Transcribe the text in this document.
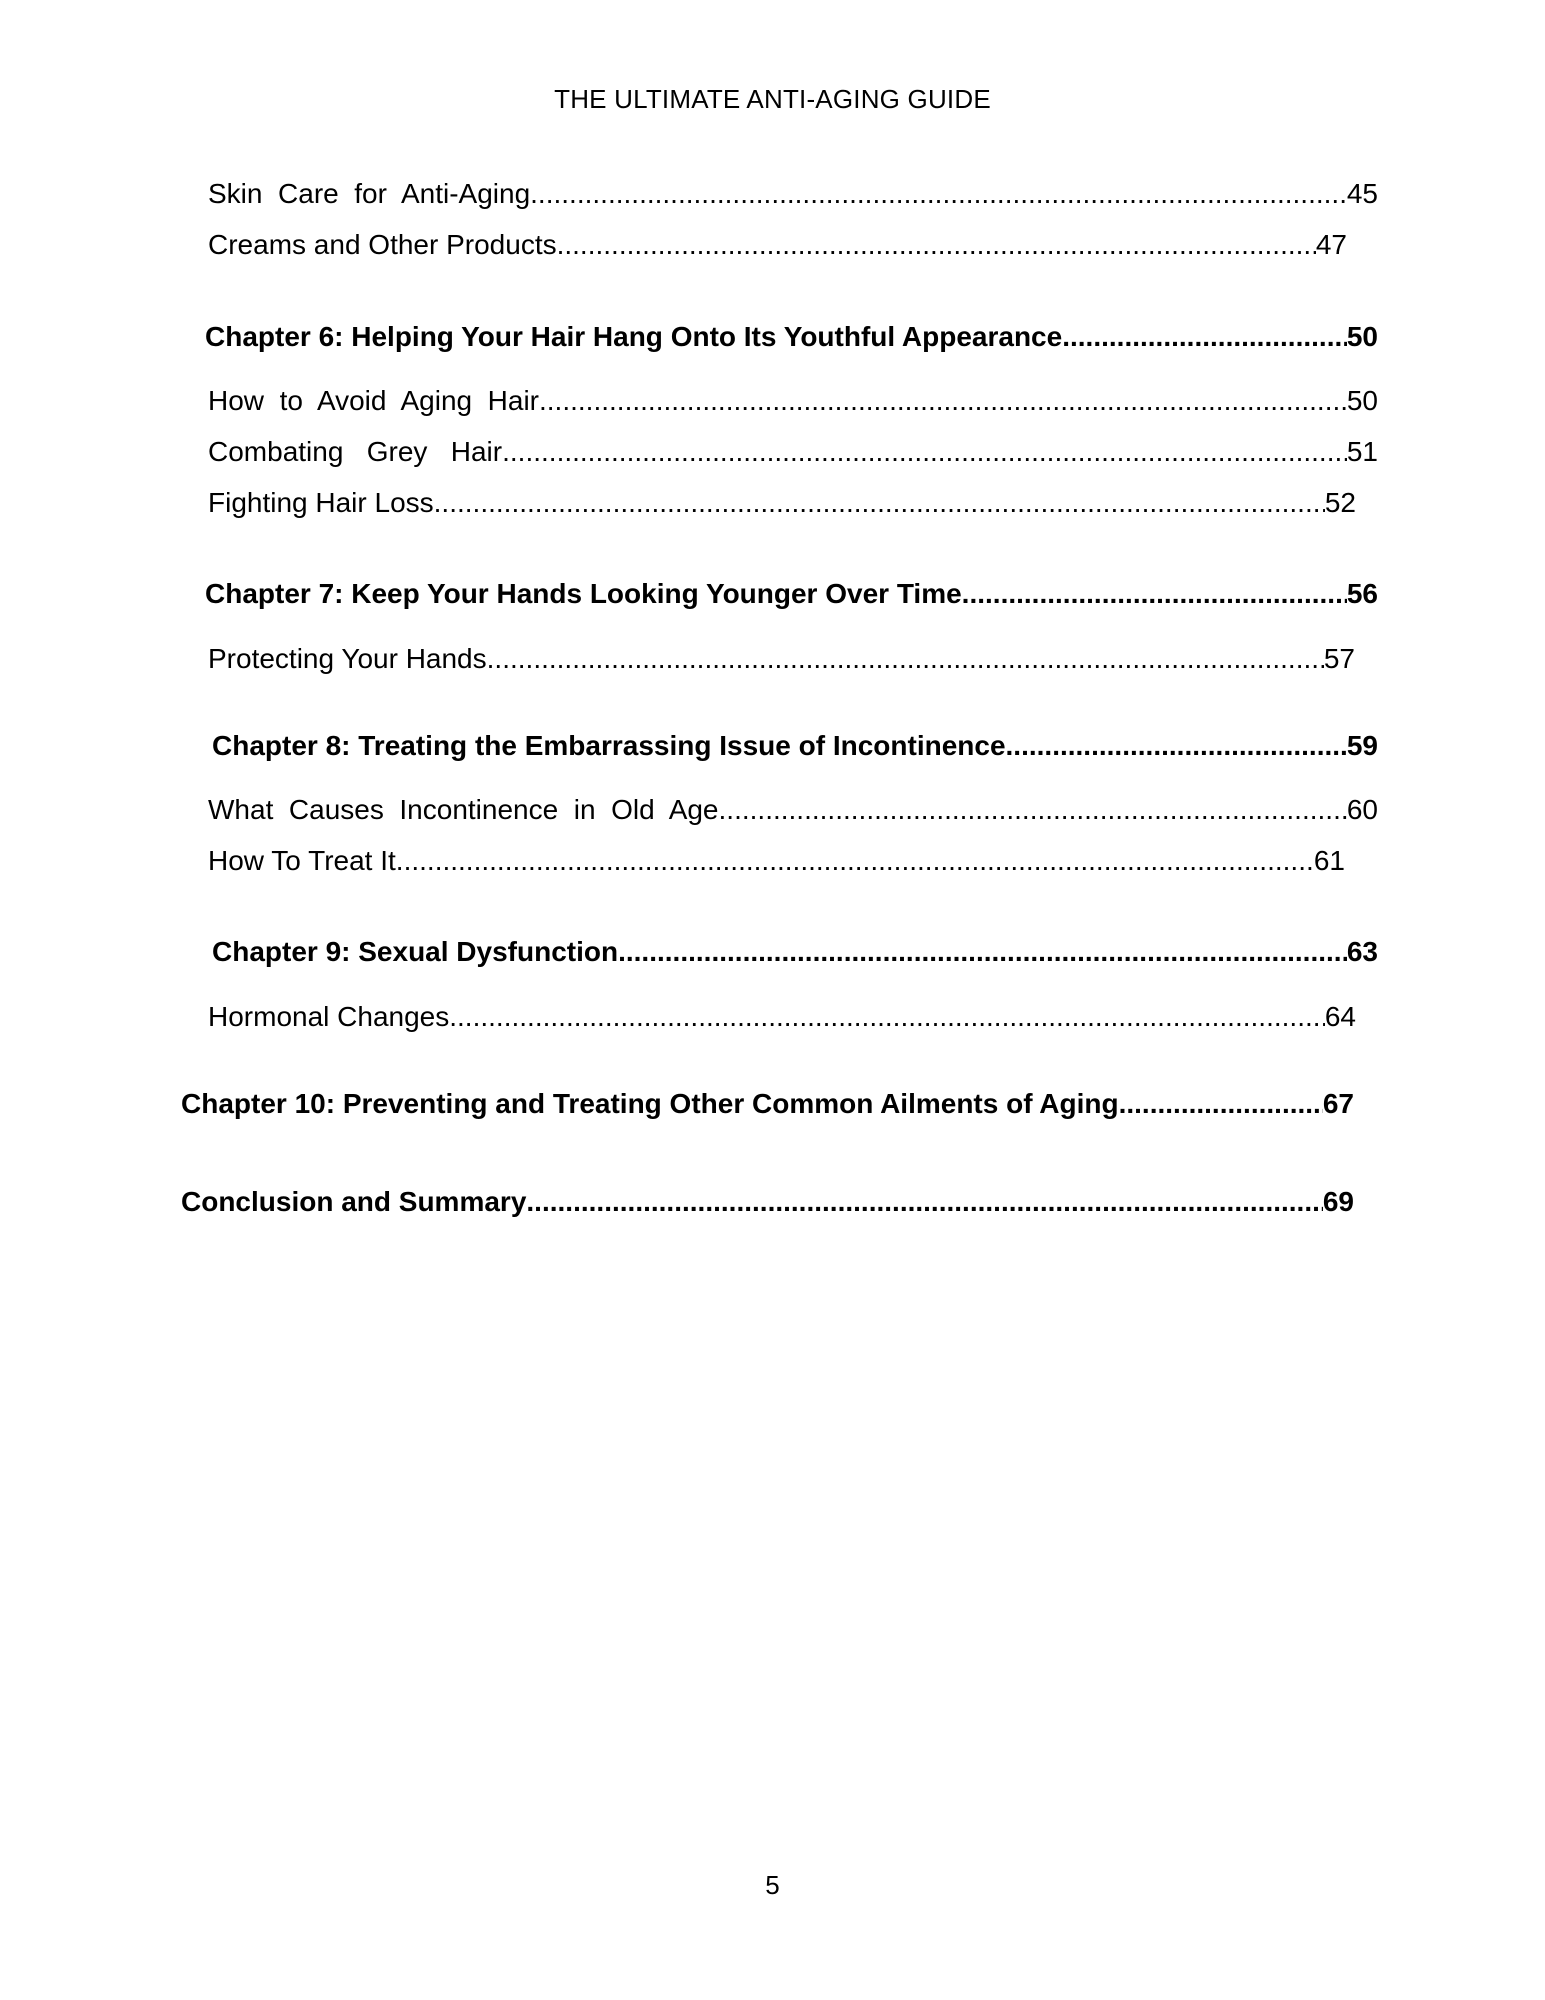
THE ULTIMATE ANTI-AGING GUIDE
Skin  Care  for  Anti-Aging .....	45
Creams and Other Products .....	47
Chapter 6: Helping Your Hair Hang Onto Its Youthful Appearance .....	50
How  to  Avoid  Aging  Hair .....	50
Combating   Grey   Hair .....	51
Fighting Hair Loss .....	52
Chapter 7: Keep Your Hands Looking Younger Over Time .....	56
Protecting Your Hands .....	57
Chapter 8: Treating the Embarrassing Issue of Incontinence .....	59
What  Causes  Incontinence  in  Old  Age .....	60
How To Treat It .....	61
Chapter 9: Sexual Dysfunction .....	63
Hormonal Changes .....	64
Chapter 10: Preventing and Treating Other Common Ailments of Aging .....	67
Conclusion and Summary .....	69
5
